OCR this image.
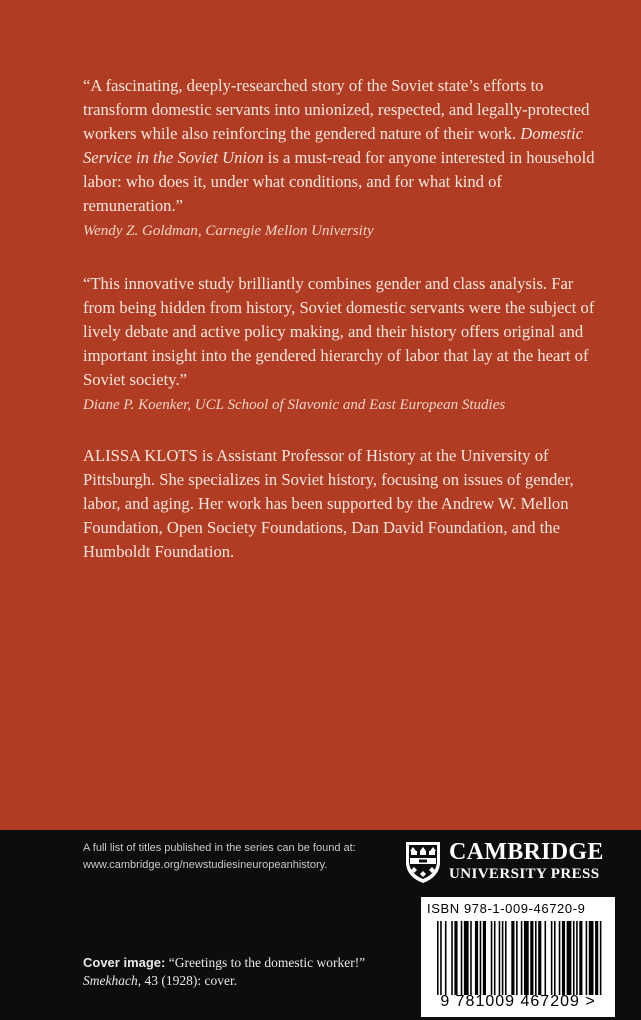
“A fascinating, deeply-researched story of the Soviet state’s efforts to transform domestic servants into unionized, respected, and legally-protected workers while also reinforcing the gendered nature of their work. Domestic Service in the Soviet Union is a must-read for anyone interested in household labor: who does it, under what conditions, and for what kind of remuneration.”

Wendy Z. Goldman, Carnegie Mellon University

“This innovative study brilliantly combines gender and class analysis. Far from being hidden from history, Soviet domestic servants were the subject of lively debate and active policy making, and their history offers original and important insight into the gendered hierarchy of labor that lay at the heart of Soviet society.”

Diane P. Koenker, UCL School of Slavonic and East European Studies

ALISSA KLOTS is Assistant Professor of History at the University of Pittsburgh. She specializes in Soviet history, focusing on issues of gender, labor, and aging. Her work has been supported by the Andrew W. Mellon Foundation, Open Society Foundations, Dan David Foundation, and the Humboldt Foundation.

A full list of titles published in the series can be found at:
www.cambridge.org/newstudiesineuropeanhistory.
Cover image: “Greetings to the domestic worker!” Smekhach, 43 (1928): cover.
CAMBRIDGE
UNIVERSITY PRESS
ISBN 978-1-009-46720-9
9 781009 467209 >
